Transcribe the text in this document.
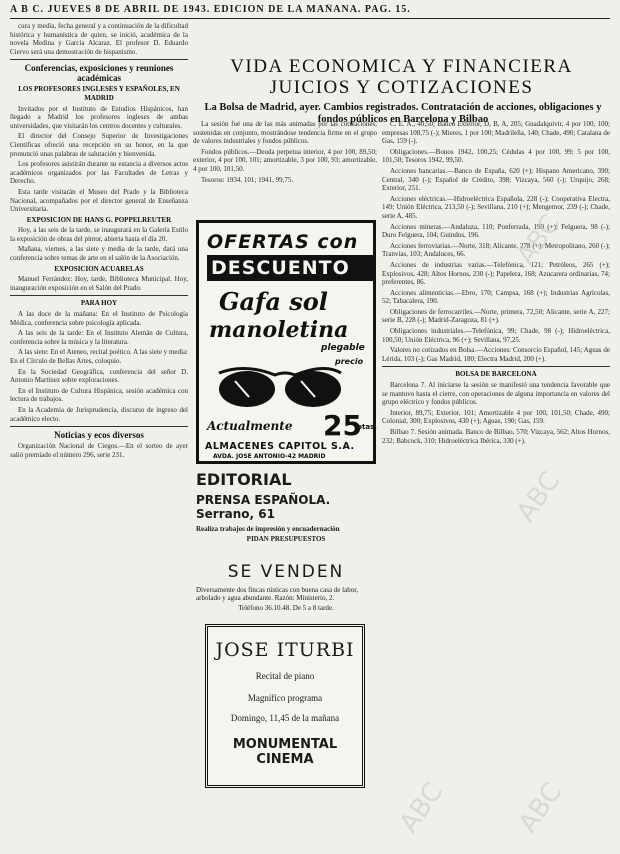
A B C. JUEVES 8 DE ABRIL DE 1943. EDICION DE LA MAÑANA. PAG. 15.

cura y media, fecha general y a continuación de la dificultad histórica y humanística de quien, se inició, académica de la novela Medina y García Alcaraz. El profesor D. Eduardo Ciervo será una demostración de hispanismo.

Conferencias, exposiciones y reuniones académicas
LOS PROFESORES INGLESES Y ESPAÑOLES, EN MADRID

Invitados por el Instituto de Estudios Hispánicos, han llegado a Madrid los profesores ingleses de ambas universidades, que visitarán los centros docentes y culturales.

El director del Consejo Superior de Investigaciones Científicas ofreció una recepción en su honor, en la que pronunció unas palabras de salutación y bienvenida.

Los profesores asistirán durante su estancia a diversos actos académicos organizados por las Facultades de Letras y Derecho.

Esta tarde visitarán el Museo del Prado y la Biblioteca Nacional, acompañados por el director general de Enseñanza Universitaria.

EXPOSICION DE HANS G. POPPELREUTER

Hoy, a las seis de la tarde, se inaugurará en la Galería Estilo la exposición de obras del pintor, abierta hasta el día 20.

Mañana, viernes, a las siete y media de la tarde, dará una conferencia sobre temas de arte en el salón de la Asociación.

EXPOSICION ACUARELAS

Manuel Ferrández: Hoy, tarde, Biblioteca Municipal. Hoy, inauguración exposición en el Salón del Prado.

PARA HOY

A las doce de la mañana: En el Instituto de Psicología Médica, conferencia sobre psicología aplicada.

A las seis de la tarde: En el Instituto Alemán de Cultura, conferencia sobre la música y la literatura.

A las siete: En el Ateneo, recital poético. A las siete y media: En el Círculo de Bellas Artes, coloquio.

En la Sociedad Geográfica, conferencia del señor D. Antonio Martínez sobre exploraciones.

En el Instituto de Cultura Hispánica, sesión académica con lectura de trabajos.

En la Academia de Jurisprudencia, discurso de ingreso del académico electo.

Noticias y ecos diversos

Organización Nacional de Ciegos.—En el sorteo de ayer salió premiado el número 296, serie 231.

VIDA ECONOMICA Y FINANCIERA JUICIOS Y COTIZACIONES
La Bolsa de Madrid, ayer. Cambios registrados. Contratación de acciones, obligaciones y fondos públicos en Barcelona y Bilbao

La sesión fué una de las más animadas por las cotizaciones, sostenidas en conjunto, mostrándose tendencia firme en el grupo de valores industriales y fondos públicos.

Fondos públicos.—Deuda perpetua interior, 4 por 100, 89,50; exterior, 4 por 100, 101; amortizable, 3 por 100, 93; amortizable, 4 por 100, 101,50.

Tesoros: 1934, 101; 1941, 99,75.

OFERTAS con
DESCUENTO
Gafa sol
manoletina
plegable
precio
Actualmente 25
ptas.
ALMACENES CAPITOL S.A.
AVDA. JOSE ANTONIO-42 MADRID
EDITORIAL
PRENSA ESPAÑOLA. Serrano, 61
Realiza trabajos de impresión y encuadernación
PIDAN PRESUPUESTOS
SE VENDEN
Diversamente dos fincas rústicas con buena casa de labor, arbolado y agua abundante. Razón: Ministerio, 2.
Teléfono 36.10.48. De 5 a 8 tarde.
JOSE ITURBI
Recital de piano
Magnífico programa
Domingo, 11,45 de la mañana
MONUMENTAL CINEMA

C. E. A., 40,50; Banco Exterior, D, B, A, 205; Guadalquivir, 4 por 100, 100; empresas 108,75 (-); Mieres, 1 por 100; Madrileña, 140; Chade, 490; Catalana de Gas, 159 (-).

Obligaciones.—Bonos 1942, 100,25; Cédulas 4 por 100, 99; 5 por 100, 101,50; Tesoros 1942, 99,50.

Acciones bancarias.—Banco de España, 620 (+); Hispano Americano, 390; Central, 340 (-); Español de Crédito, 398; Vizcaya, 560 (-); Urquijo, 268; Exterior, 251.

Acciones eléctricas.—Hidroeléctrica Española, 228 (-); Cooperativa Electra, 149; Unión Eléctrica, 213,50 (-); Sevillana, 210 (+); Mengemor, 239 (-); Chade, serie A, 485.

Acciones mineras.—Andaluza, 110; Ponferrada, 190 (+); Felguera, 98 (-); Duro Felguera, 104; Guindos, 196.

Acciones ferroviarias.—Norte, 318; Alicante, 278 (+); Metropolitano, 260 (-); Tranvías, 103; Andaluces, 66.

Acciones de industrias varias.—Telefónica, 121; Petróleos, 265 (+); Explosivos, 428; Altos Hornos, 230 (-); Papelera, 168; Azucarera ordinarias, 74; preferentes, 86.

Acciones alimenticias.—Ebro, 170; Campsa, 168 (+); Industrias Agrícolas, 52; Tabacalera, 190.

Obligaciones de ferrocarriles.—Norte, primera, 72,50; Alicante, serie A, 227; serie B, 228 (-); Madrid-Zaragoza, 81 (+).

Obligaciones industriales.—Telefónica, 99; Chade, 98 (-); Hidroeléctrica, 100,50; Unión Eléctrica, 96 (+); Sevillana, 97,25.

Valores no cotizados en Bolsa.—Acciones: Consorcio Español, 145; Aguas de Lérida, 103 (-); Gas Madrid, 180; Electra Madrid, 200 (+).

BOLSA DE BARCELONA

Barcelona 7. Al iniciarse la sesión se manifestó una tendencia favorable que se mantuvo hasta el cierre, con operaciones de alguna importancia en valores del grupo eléctrico y fondos públicos.

Interior, 89,75; Exterior, 101; Amortizable 4 por 100, 101,50; Chade, 490; Colonial, 300; Explosivos, 430 (+); Aguas, 190; Gas, 159.

Bilbao 7. Sesión animada. Banco de Bilbao, 570; Vizcaya, 562; Altos Hornos, 232; Babcock, 310; Hidroeléctrica Ibérica, 330 (+).

ABC
ABC
ABC ABC
